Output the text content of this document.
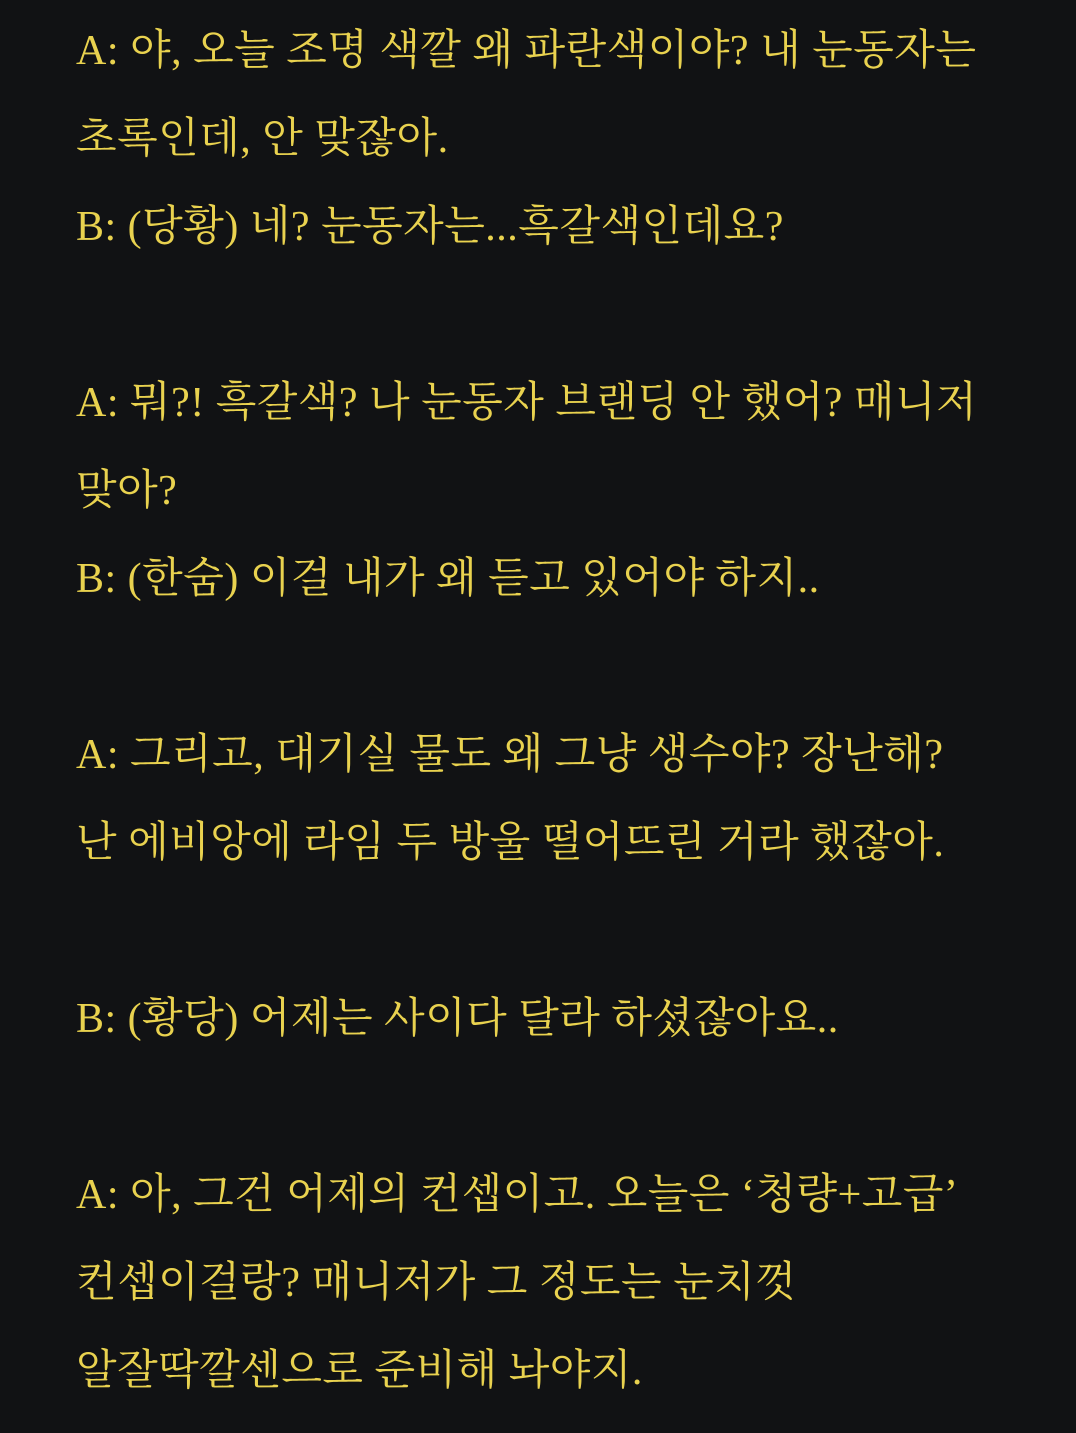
A: 야, 오늘 조명 색깔 왜 파란색이야? 내 눈동자는
초록인데, 안 맞잖아.
B: (당황) 네? 눈동자는...흑갈색인데요?
A: 뭐?! 흑갈색? 나 눈동자 브랜딩 안 했어? 매니저
맞아?
B: (한숨) 이걸 내가 왜 듣고 있어야 하지..
A: 그리고, 대기실 물도 왜 그냥 생수야? 장난해?
난 에비앙에 라임 두 방울 떨어뜨린 거라 했잖아.
B: (황당) 어제는 사이다 달라 하셨잖아요..
A: 아, 그건 어제의 컨셉이고. 오늘은 ‘청량+고급’
컨셉이걸랑? 매니저가 그 정도는 눈치껏
알잘딱깔센으로 준비해 놔야지.
